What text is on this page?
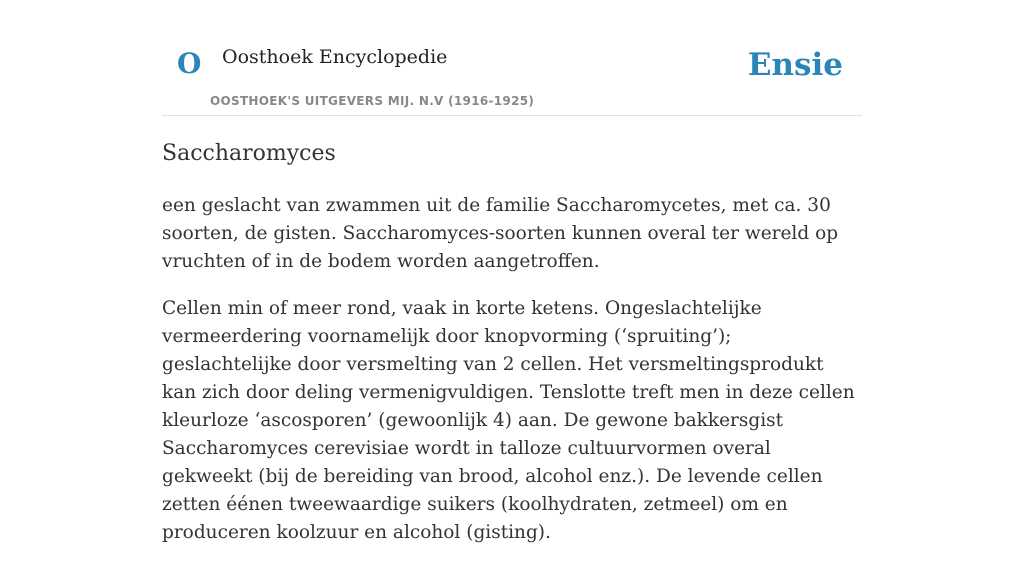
O Oosthoek Encyclopedie
OOSTHOEK'S UITGEVERS MIJ. N.V (1916-1925)
Ensie
Saccharomyces

een geslacht van zwammen uit de familie Saccharomycetes, met ca. 30 soorten, de gisten. Saccharomyces-soorten kunnen overal ter wereld op vruchten of in de bodem worden aangetroffen.

Cellen min of meer rond, vaak in korte ketens. Ongeslachtelijke vermeerdering voornamelijk door knopvorming (‘spruiting’); geslachtelijke door versmelting van 2 cellen. Het versmeltingsprodukt kan zich door deling vermenigvuldigen. Tenslotte treft men in deze cellen kleurloze ‘ascosporen’ (gewoonlijk 4) aan. De gewone bakkersgist Saccharomyces cerevisiae wordt in talloze cultuurvormen overal gekweekt (bij de bereiding van brood, alcohol enz.). De levende cellen zetten éénen tweewaardige suikers (koolhydraten, zetmeel) om en produceren koolzuur en alcohol (gisting).
